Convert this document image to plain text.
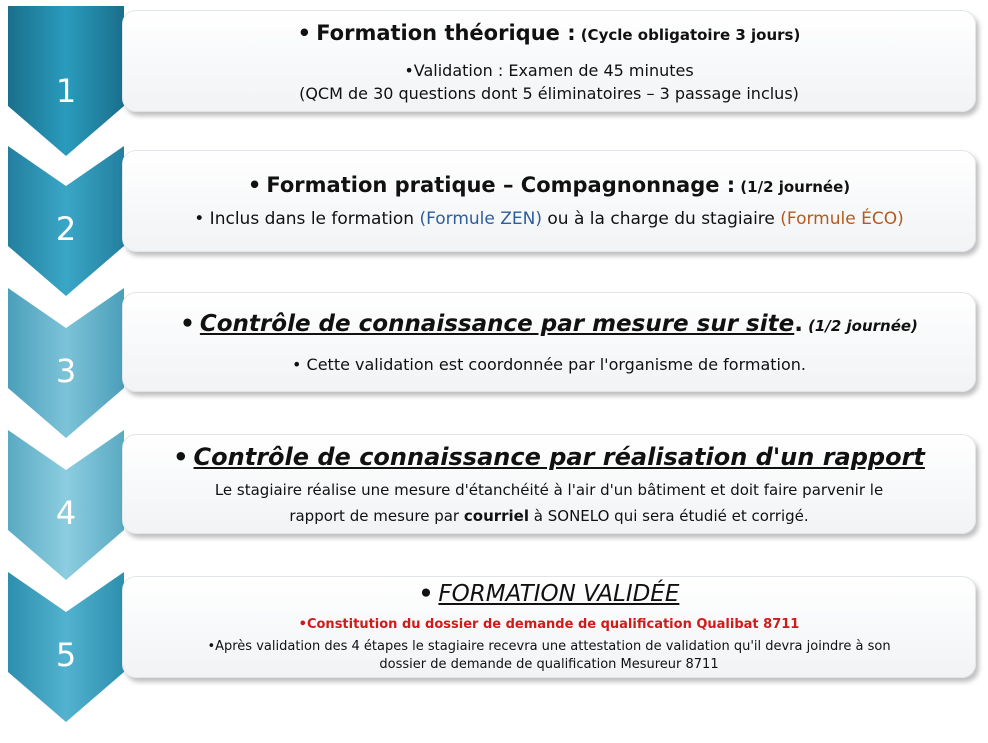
1
• Formation théorique : (Cycle obligatoire 3 jours)
•Validation : Examen de 45 minutes
(QCM de 30 questions dont 5 éliminatoires – 3 passage inclus)
2
• Formation pratique – Compagnonnage : (1/2 journée)
• Inclus dans le formation (Formule ZEN) ou à la charge du stagiaire (Formule ÉCO)
3
• Contrôle de connaissance par mesure sur site. (1/2 journée)
• Cette validation est coordonnée par l'organisme de formation.
4
• Contrôle de connaissance par réalisation d'un rapport
Le stagiaire réalise une mesure d'étanchéité à l'air d'un bâtiment et doit faire parvenir le
rapport de mesure par courriel à SONELO qui sera étudié et corrigé.
5
• FORMATION VALIDÉE
•Constitution du dossier de demande de qualification Qualibat 8711
•Après validation des 4 étapes le stagiaire recevra une attestation de validation qu'il devra joindre à son
dossier de demande de qualification Mesureur 8711
